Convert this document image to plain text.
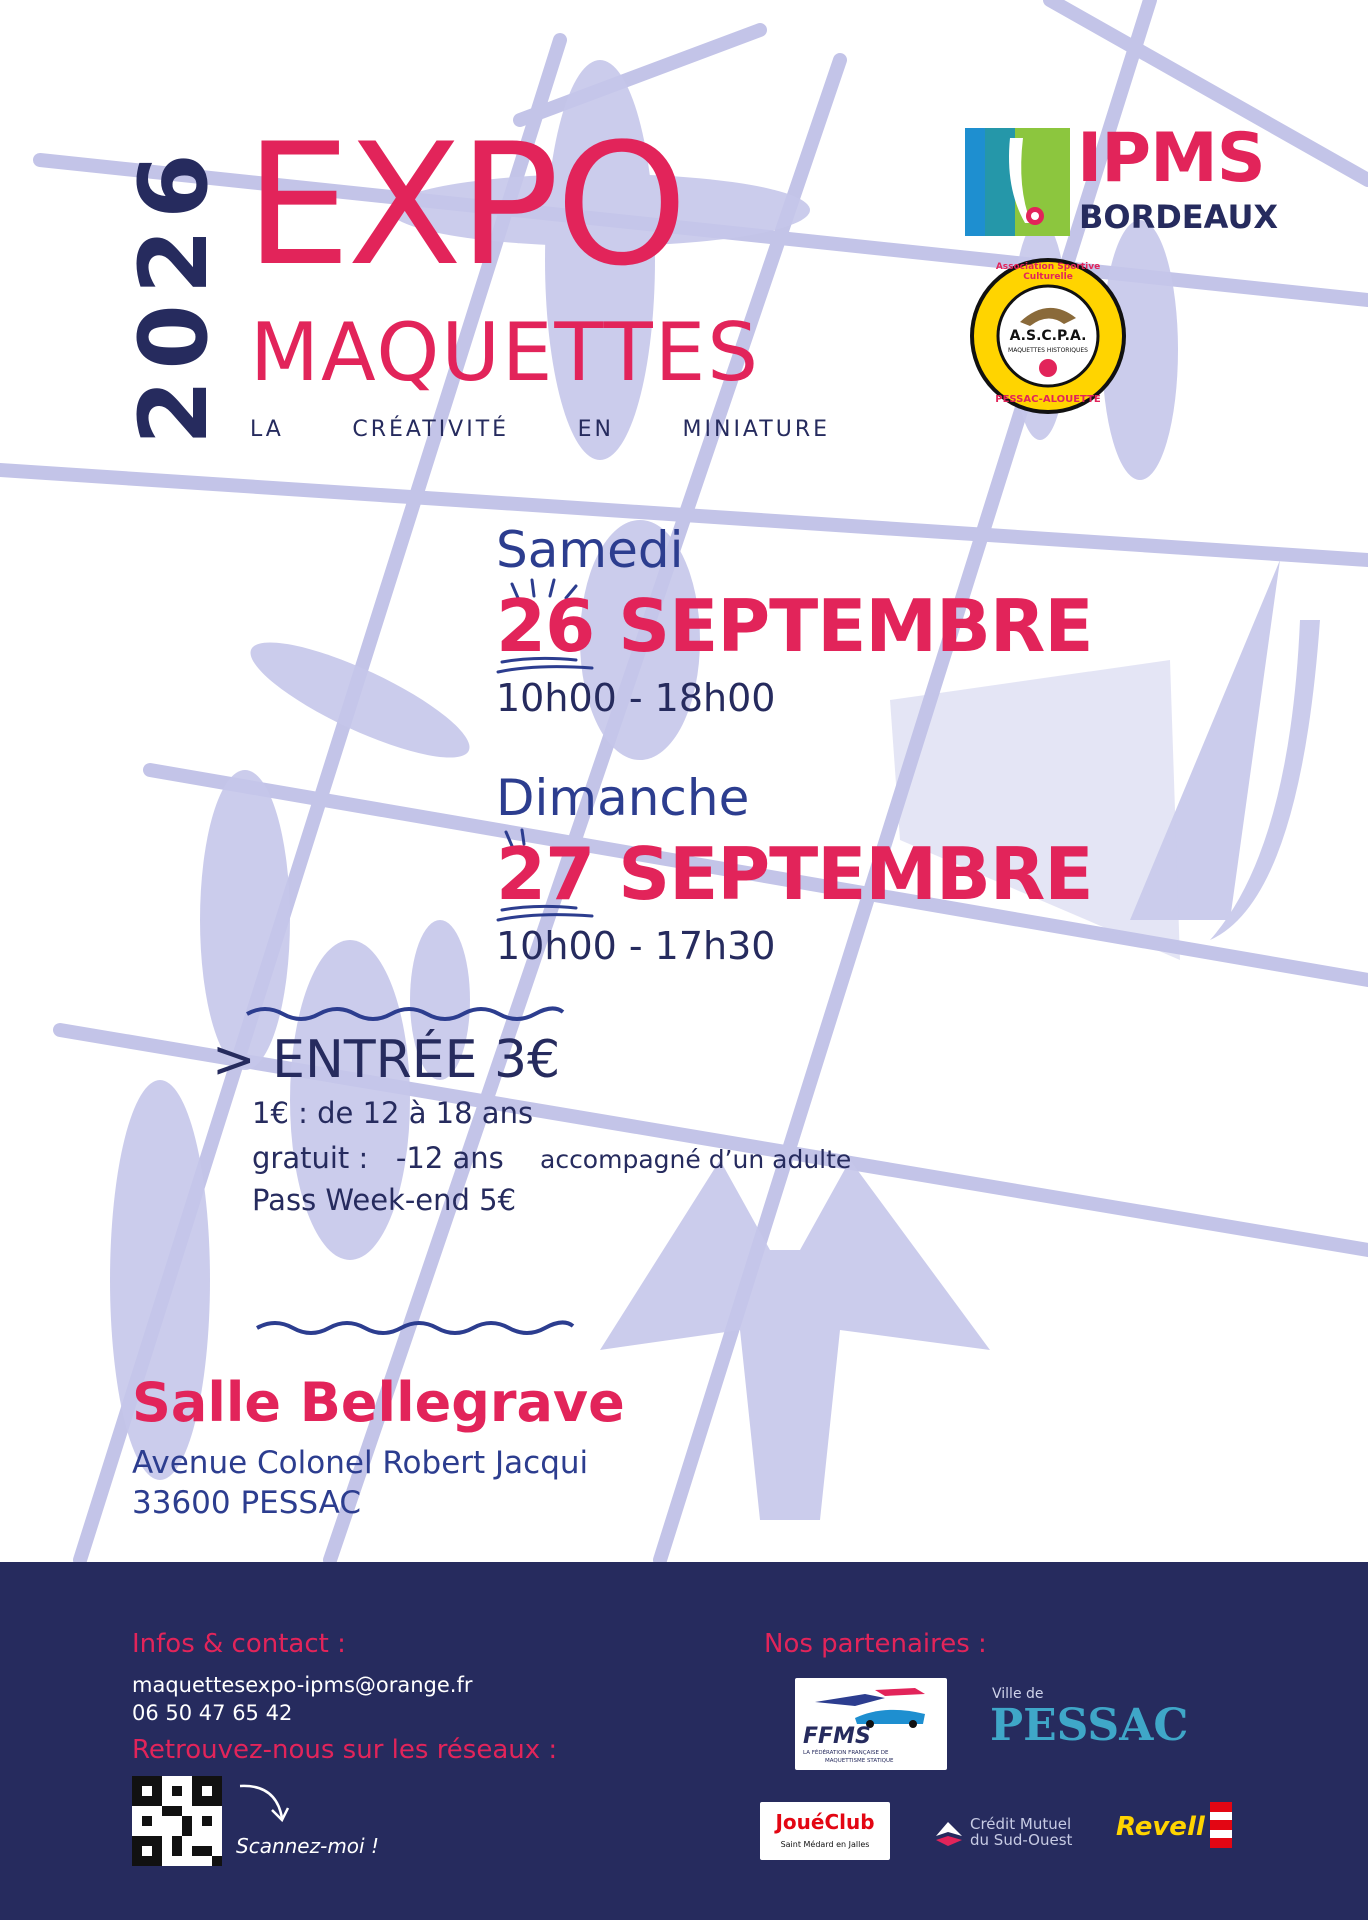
2026 EXPO
MAQUETTES
LA	CRÉATIVITÉ	EN	MINIATURE
IPMS
BORDEAUX
Association Sportive Culturelle
A.S.C.P.A.
MAQUETTES HISTORIQUES
PESSAC-ALOUETTE
Samedi
26 SEPTEMBRE
10h00 - 18h00
Dimanche
27 SEPTEMBRE
10h00 - 17h30
> ENTRÉE 3€
1€ : de 12 à 18 ans
gratuit :   -12 ans accompagné d’un adulte
Pass Week-end 5€
Salle Bellegrave
Avenue Colonel Robert Jacqui
33600 PESSAC
Infos & contact :
maquettesexpo-ipms@orange.fr
06 50 47 65 42
Retrouvez-nous sur les réseaux :
Scannez-moi !
Nos partenaires :
FFMS
LA FÉDÉRATION FRANÇAISE DE
MAQUETTISME STATIQUE
Ville de
PESSAC
JouéClub
Saint Médard en Jalles
Crédit Mutuel
du Sud-Ouest Revell
